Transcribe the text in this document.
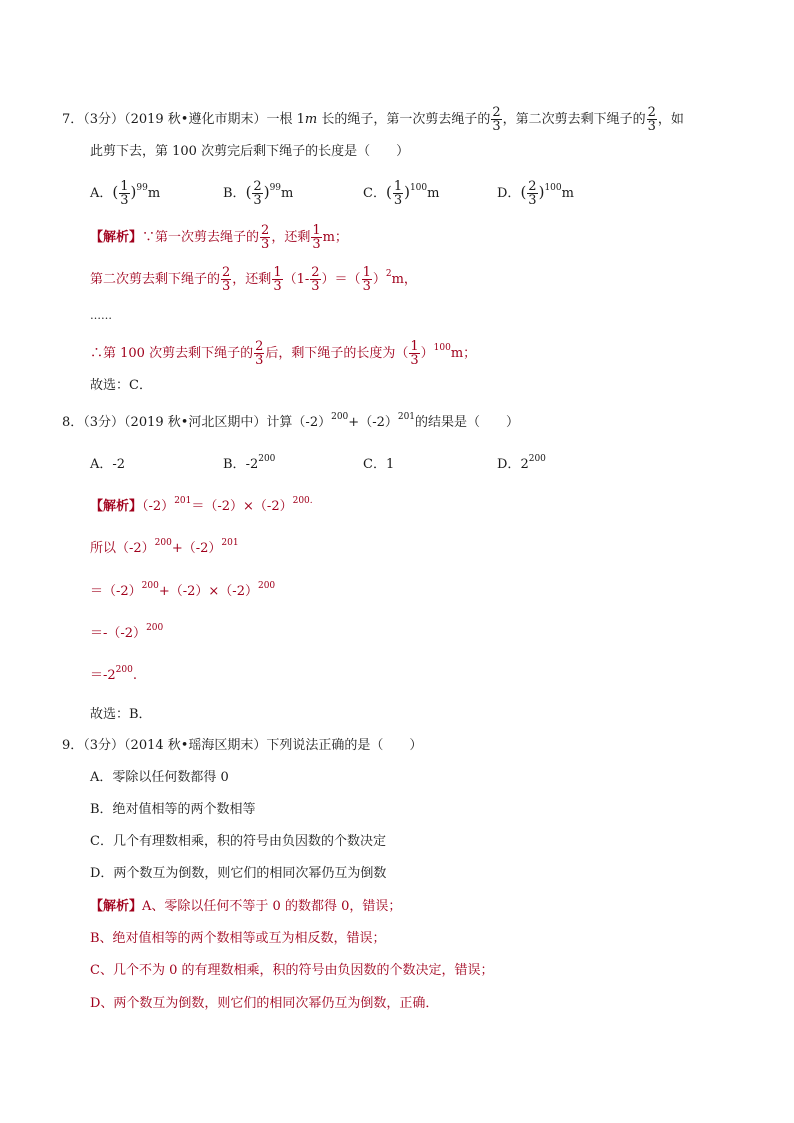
7．（3分）（2019 秋•遵化市期末）一根 1m 长的绳子，第一次剪去绳子的 $\frac{2}{3}$ ，第二次剪去剩下绳子的 $\frac{2}{3}$ ，如
此剪下去，第 100 次剪完后剩下绳子的长度是（　　）
A．( $\frac{1}{3} )^{99}m$	B．( $\frac{2}{3} )^{99}m$	C．( $\frac{1}{3} )^{100}m$	D．( $\frac{2}{3} )^{100}m$
【解析】∵第一次剪去绳子的 $\frac{2}{3}$ ，还剩 $\frac{1}{3}$ m；
第二次剪去剩下绳子的 $\frac{2}{3}$ ，还剩 $\frac{1}{3} (1- \frac{2}{3}$ ）＝（ $\frac{1}{3} )^2m$，
……
∴第 100 次剪去剩下绳子的 $\frac{2}{3}$ 后，剩下绳子的长度为（ $\frac{1}{3} )^{100}m$；
故选：C．
8．（3分）（2019 秋•河北区期中）计算$(-2)^{200}+(-2)^{201}$的结果是（　　）
A．-2	B．$-2^{200}$	C．1	D．$2^{200}$
【解析】$(-2)^{201}=(-2)\times(-2)^{200.}$
所以$(-2)^{200}+(-2)^{201}$
$=(-2)^{200}+(-2)\times(-2)^{200}$
$=-(-2)^{200}$
$=-2^{200}$.
故选：B．
9．（3分）（2014 秋•瑶海区期末）下列说法正确的是（　　）
A．零除以任何数都得 0
B．绝对值相等的两个数相等
C．几个有理数相乘，积的符号由负因数的个数决定
D．两个数互为倒数，则它们的相同次幂仍互为倒数
【解析】A、零除以任何不等于 0 的数都得 0，错误；
B、绝对值相等的两个数相等或互为相反数，错误；
C、几个不为 0 的有理数相乘，积的符号由负因数的个数决定，错误；
D、两个数互为倒数，则它们的相同次幂仍互为倒数，正确．
